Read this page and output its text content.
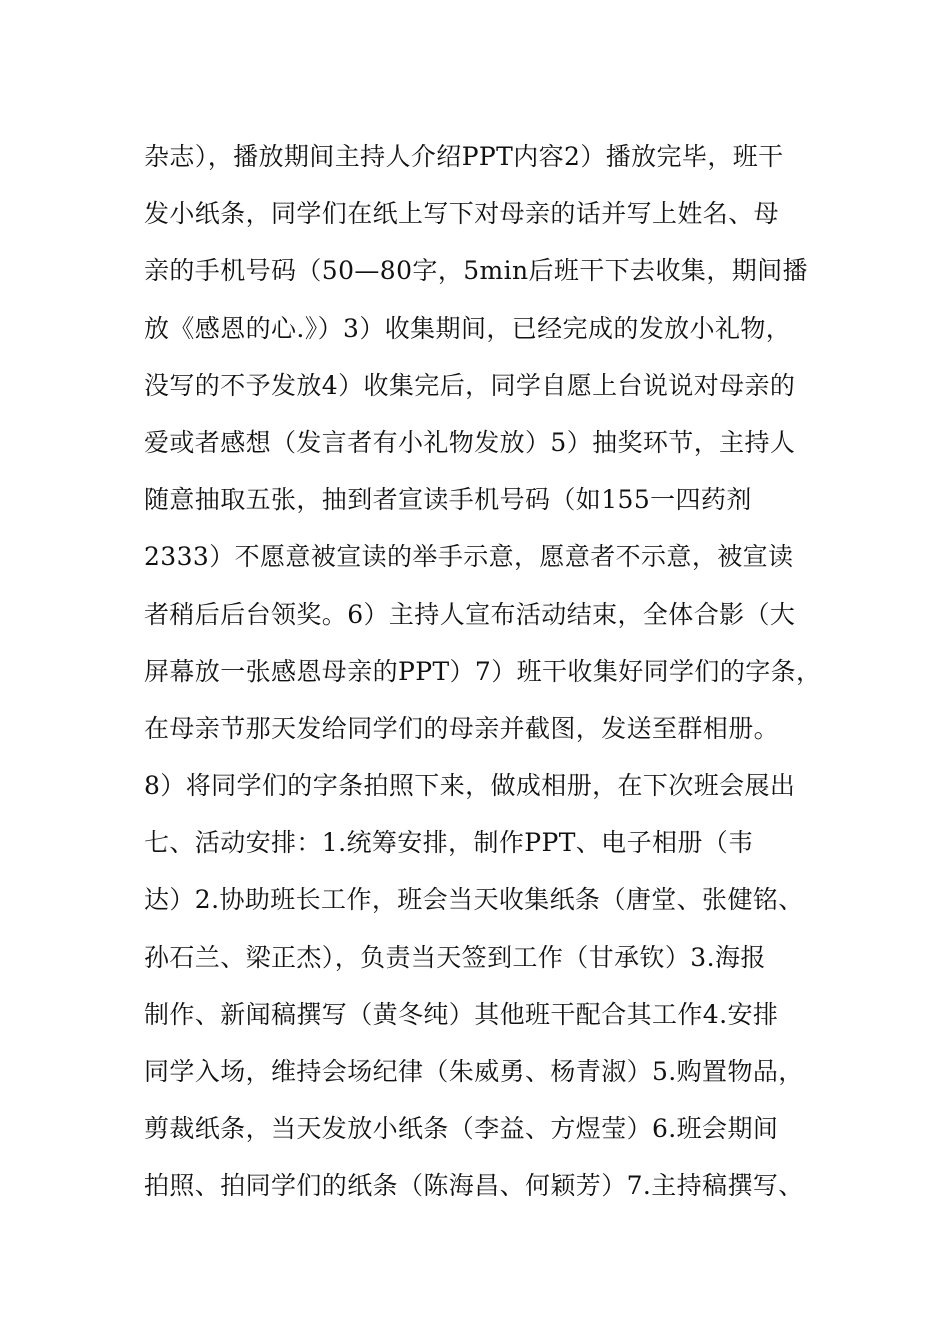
杂志），播放期间主持人介绍PPT内容2）播放完毕，班干
发小纸条，同学们在纸上写下对母亲的话并写上姓名、母
亲的手机号码（50—80字，5min后班干下去收集，期间播
放《感恩的心.》）3）收集期间，已经完成的发放小礼物，
没写的不予发放4）收集完后，同学自愿上台说说对母亲的
爱或者感想（发言者有小礼物发放）5）抽奖环节，主持人
随意抽取五张，抽到者宣读手机号码（如155一四药剂
2333）不愿意被宣读的举手示意，愿意者不示意，被宣读
者稍后后台领奖。6）主持人宣布活动结束，全体合影（大
屏幕放一张感恩母亲的PPT）7）班干收集好同学们的字条，
在母亲节那天发给同学们的母亲并截图，发送至群相册。
8）将同学们的字条拍照下来，做成相册，在下次班会展出
七、活动安排：1.统筹安排，制作PPT、电子相册（韦
达）2.协助班长工作，班会当天收集纸条（唐堂、张健铭、
孙石兰、梁正杰），负责当天签到工作（甘承钦）3.海报
制作、新闻稿撰写（黄冬纯）其他班干配合其工作4.安排
同学入场，维持会场纪律（朱威勇、杨青淑）5.购置物品，
剪裁纸条，当天发放小纸条（李益、方煜莹）6.班会期间
拍照、拍同学们的纸条（陈海昌、何颖芳）7.主持稿撰写、
